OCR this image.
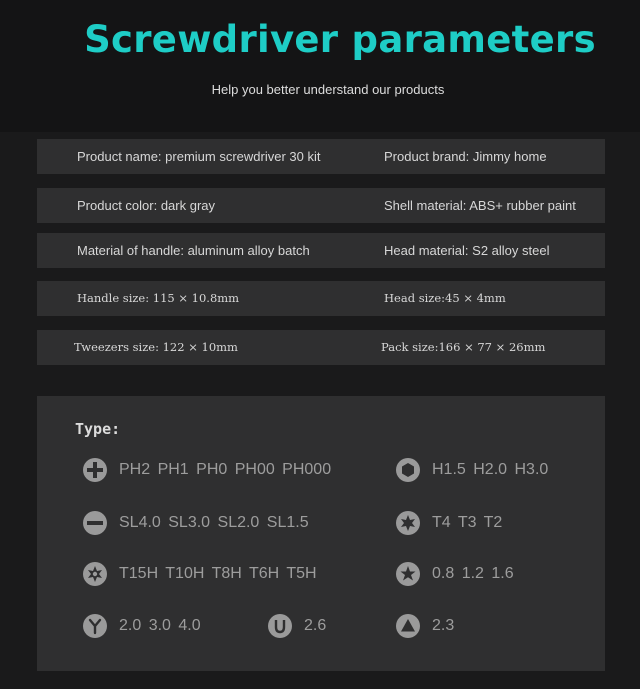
Screwdriver parameters
Help you better understand our products
Product name: premium screwdriver 30 kit	Product brand: Jimmy home
Product color: dark gray	Shell material: ABS+ rubber paint
Material of handle: aluminum alloy batch	Head material: S2 alloy steel
Handle size: 115 × 10.8mm	Head size:45 × 4mm
Tweezers size: 122 × 10mm	Pack size:166 × 77 × 26mm
Type:
PH2 PH1 PH0 PH00 PH000	H1.5 H2.0 H3.0
SL4.0 SL3.0 SL2.0 SL1.5	T4 T3 T2
T15H T10H T8H T6H T5H	0.8 1.2 1.6
2.0 3.0 4.0	2.6	2.3
